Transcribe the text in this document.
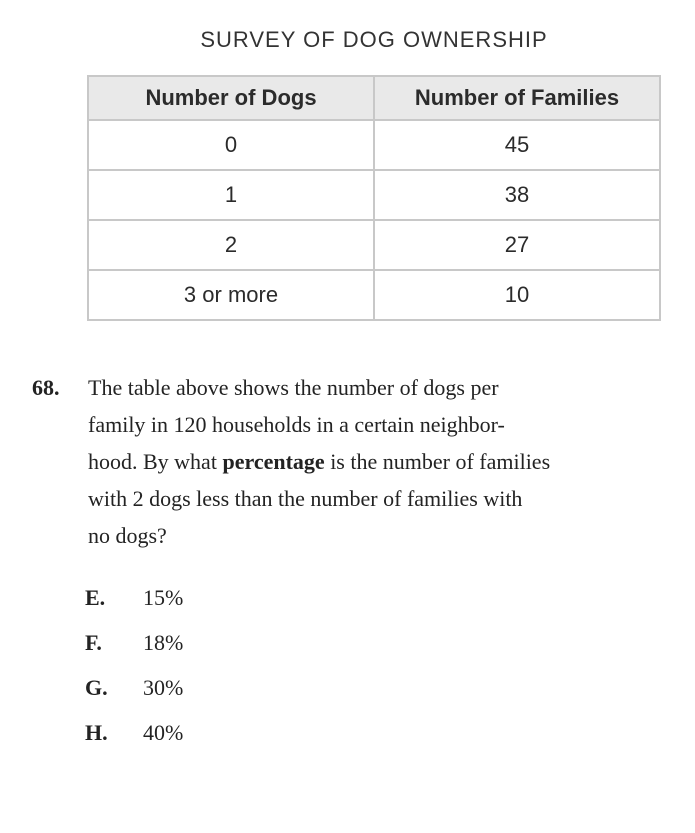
SURVEY OF DOG OWNERSHIP
Number of Dogs	Number of Families
0	45
1	38
2	27
3 or more	10
68.	The table above shows the number of dogs per
family in 120 households in a certain neighbor-
hood. By what percentage is the number of families
with 2 dogs less than the number of families with
no dogs?
E.	15%
F.	18%
G.	30%
H.	40%
